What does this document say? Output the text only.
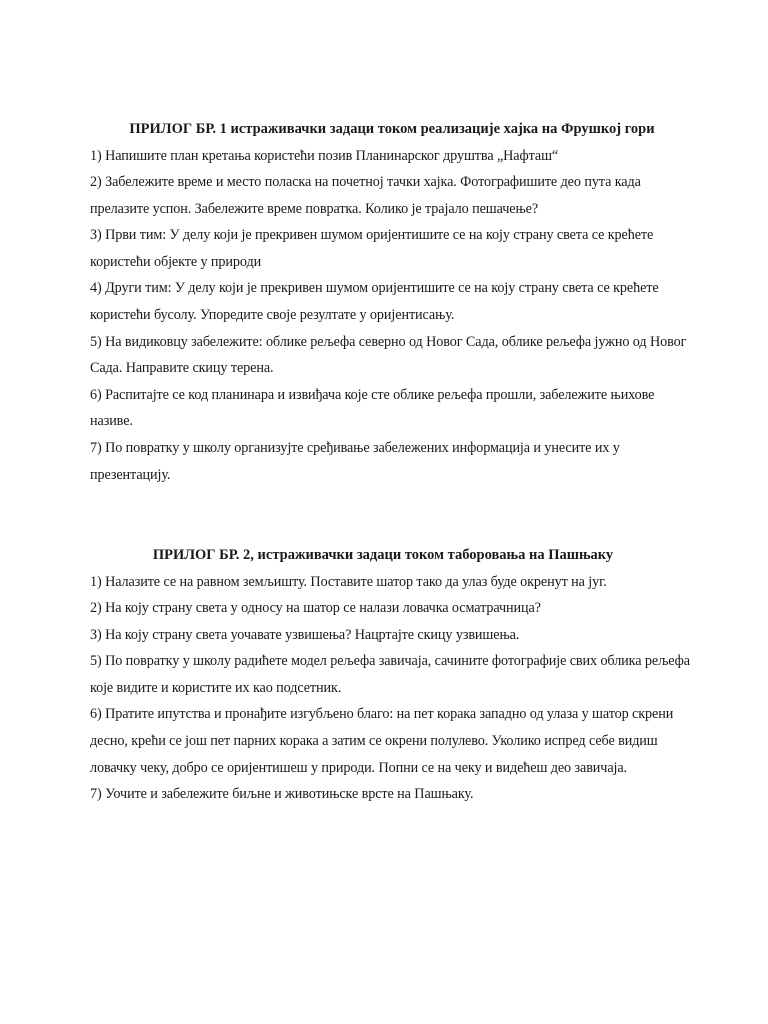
ПРИЛОГ БР. 1 истраживачки задаци током реализације хајка на Фрушкој гори

1) Напишите план кретања користећи позив Планинарског друштва „Нафташ“

2) Забележите време и место поласка на почетној тачки хајка. Фотографишите део пута када прелазите успон. Забележите време повратка. Колико је трајало пешачење?

3) Први тим: У делу који је прекривен шумом оријентишите се на коју страну света се крећете користећи објекте у природи

4) Други тим: У делу који је прекривен шумом оријентишите се на коју страну света се крећете користећи бусолу. Упоредите своје резултате у оријентисању.

5) На видиковцу забележите: облике рељефа северно од Новог Сада, облике рељефа јужно од Новог Сада. Направите скицу терена.

6) Распитајте се код планинара и извиђача које сте облике рељефа прошли, забележите њихове називе.

7) По повратку у школу организујте сређивање забележених информација и унесите их у презентацију.

ПРИЛОГ БР. 2, истраживачки задаци током таборовања на Пашњаку

1) Налазите се на равном земљишту. Поставите шатор тако да улаз буде окренут на југ.

2) На коју страну света у односу на шатор се налази ловачка осматрачница?

3) На коју страну света уочавате узвишења? Нацртајте скицу узвишења.

5) По повратку у школу радићете модел рељефа завичаја, сачините фотографије свих облика рељефа које видите и користите их као подсетник.

6) Пратите ипутства и пронађите изгубљено благо: на пет корака западно од улаза у шатор скрени десно, крећи се још пет парних корака а затим се окрени полулево. Уколико испред себе видиш ловачку чеку, добро се оријентишеш у природи. Попни се на чеку и видећеш део завичаја.

7) Уочите и забележите биљне и животињске врсте на Пашњаку.
